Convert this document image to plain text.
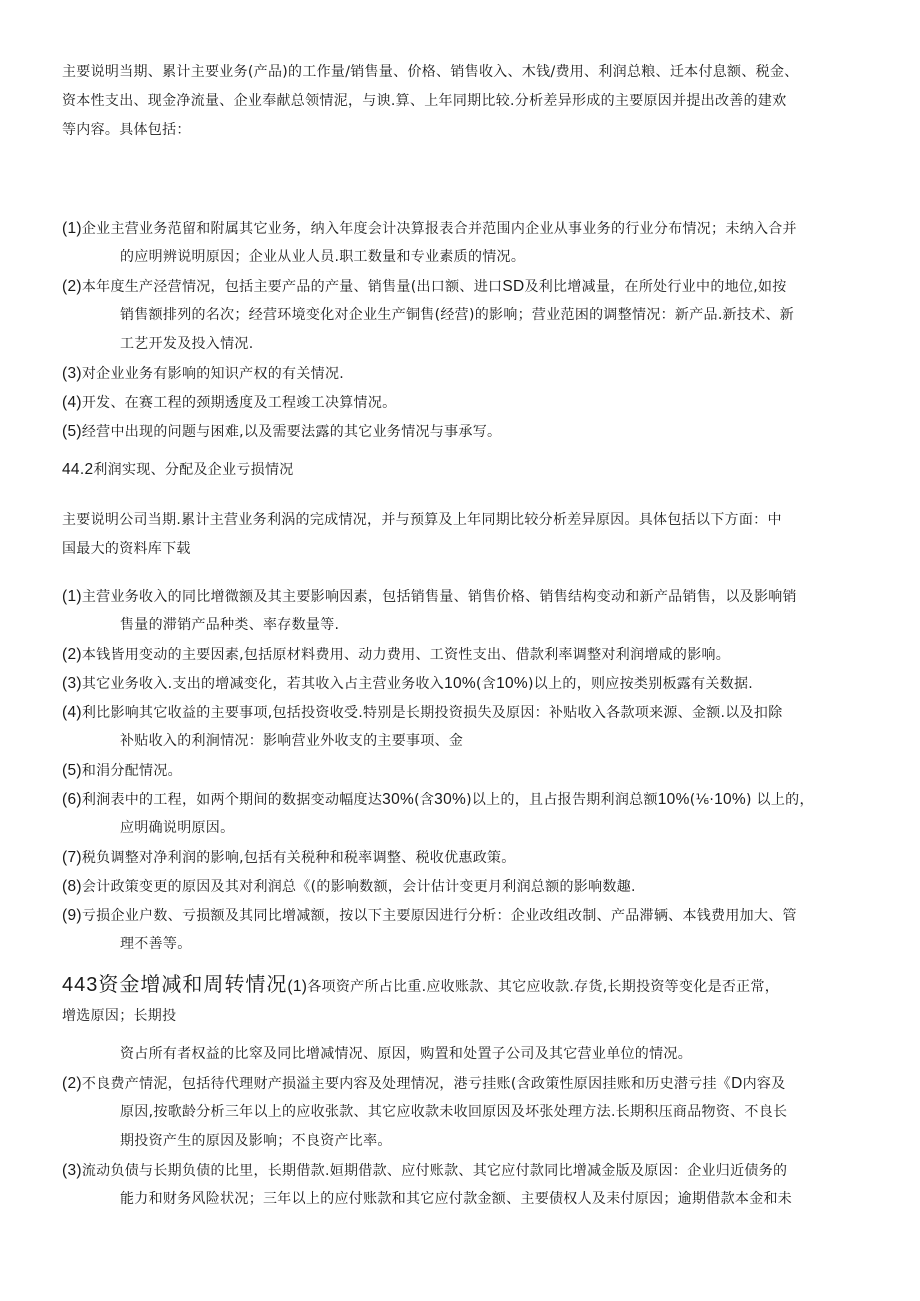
主要说明当期、累计主要业务(产品)的工作量/销售量、价格、销售收入、木钱/费用、利润总粮、迁本付息额、税金、
资本性支出、现金净流量、企业奉献总领情泥，与谀.算、上年同期比较.分析差异形成的主要原因并提出改善的建欢
等内容。具体包括：
(1)企业主营业务范留和附属其它业务，纳入年度会计决算报表合并范围内企业从事业务的行业分布情况；未纳入合并
的应明辨说明原因；企业从业人员.职工数量和专业素质的情况。
(2)本年度生产泾营情况，包括主要产品的产量、销售量(出口额、进口SD及利比增减量，在所处行业中的地位,如按
销售额排列的名次；经营环境变化对企业生产铜售(经营)的影响；营业范困的调整情况：新产品.新技术、新
工艺开发及投入情况.
(3)对企业业务有影响的知识产权的有关情况.
(4)开发、在赛工程的颈期透度及工程竣工决算情况。
(5)经营中出现的问题与困难,以及需要法露的其它业务情况与事承写。
44.2利润实现、分配及企业亏损情况
主要说明公司当期.累计主营业务利涡的完成情况，并与预算及上年同期比较分析差异原因。具体包括以下方面：中
国最大的资料库下载
(1)主营业务收入的同比增微额及其主要影响因素，包括销售量、销售价格、销售结构变动和新产品销售，以及影响销
售量的滞销产品种类、率存数量等.
(2)本钱皆用变动的主要因素,包括原材料费用、动力费用、工资性支出、借款利率调整对利润增咸的影响。
(3)其它业务收入.支出的增减变化，若其收入占主营业务收入10%(含10%)以上的，则应按类别板露有关数据.
(4)利比影响其它收益的主要事项,包括投资收受.特别是长期投资损失及原因：补贴收入各款项来源、金额.以及扣除
补贴收入的利涧情况：影响营业外收支的主要事项、金
(5)和涓分配情况。
(6)利涧表中的工程，如两个期间的数据变动幅度达30%(含30%)以上的，且占报告期利润总额10%(⅙·10%) 以上的，
应明确说明原因。
(7)税负调整对净利润的影响,包括有关税种和税率调整、税收优惠政策。
(8)会计政策变更的原因及其对利润总《(的影响数额，会计估计变更月利润总额的影响数趣.
(9)亏损企业户数、亏损额及其同比增减额，按以下主要原因进行分析：企业改组改制、产品滞辆、本钱费用加大、管
理不善等。
443资金增减和周转情况(1)各项资产所占比重.应收账款、其它应收款.存货,长期投资等变化是否正常，
增选原因；长期投
资占所有者权益的比窣及同比增减情况、原因，购置和处置子公司及其它营业单位的情况。
(2)不良费产情泥，包括待代理财产损溢主要内容及处理情况，港亏挂账(含政策性原因挂账和历史潜亏挂《D内容及
原因,按歌龄分析三年以上的应收张款、其它应收款未收回原因及坏张处理方法.长期积压商品物资、不良长
期投资产生的原因及影响；不良资产比率。
(3)流动负债与长期负债的比里，长期借款.姮期借款、应付账款、其它应付款同比增减金版及原因：企业归近债务的
能力和财务风险状况；三年以上的应付账款和其它应付款金额、主要债权人及耒付原因；逾期借款本金和未
